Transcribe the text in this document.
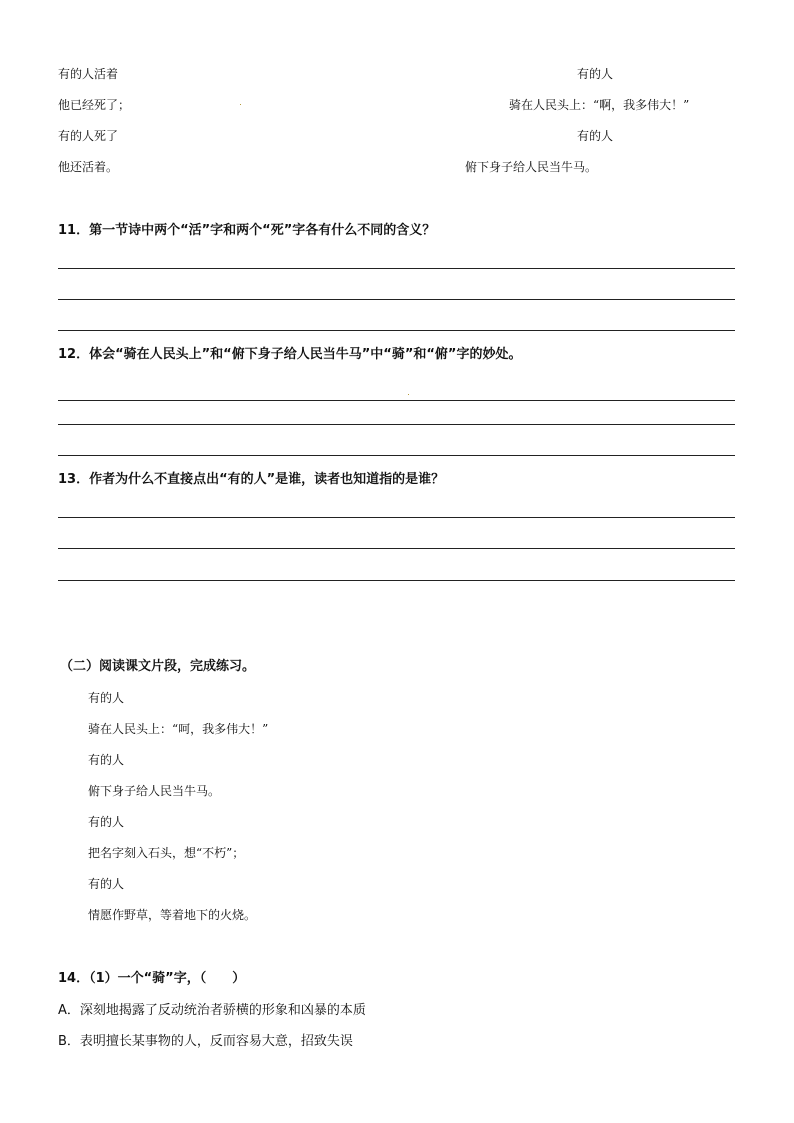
有的人活着
他已经死了；
有的人死了
他还活着。
有的人
骑在人民头上：“啊，我多伟大！”
有的人
俯下身子给人民当牛马。
11．第一节诗中两个“活”字和两个“死”字各有什么不同的含义？
12．体会“骑在人民头上”和“俯下身子给人民当牛马”中“骑”和“俯”字的妙处。
13．作者为什么不直接点出“有的人”是谁，读者也知道指的是谁？
（二）阅读课文片段，完成练习。
有的人
骑在人民头上：“呵，我多伟大！”
有的人
俯下身子给人民当牛马。
有的人
把名字刻入石头，想“不朽”；
有的人
情愿作野草，等着地下的火烧。
14．（1）一个“骑”字，（　　）
A．深刻地揭露了反动统治者骄横的形象和凶暴的本质
B．表明擅长某事物的人，反而容易大意，招致失误
